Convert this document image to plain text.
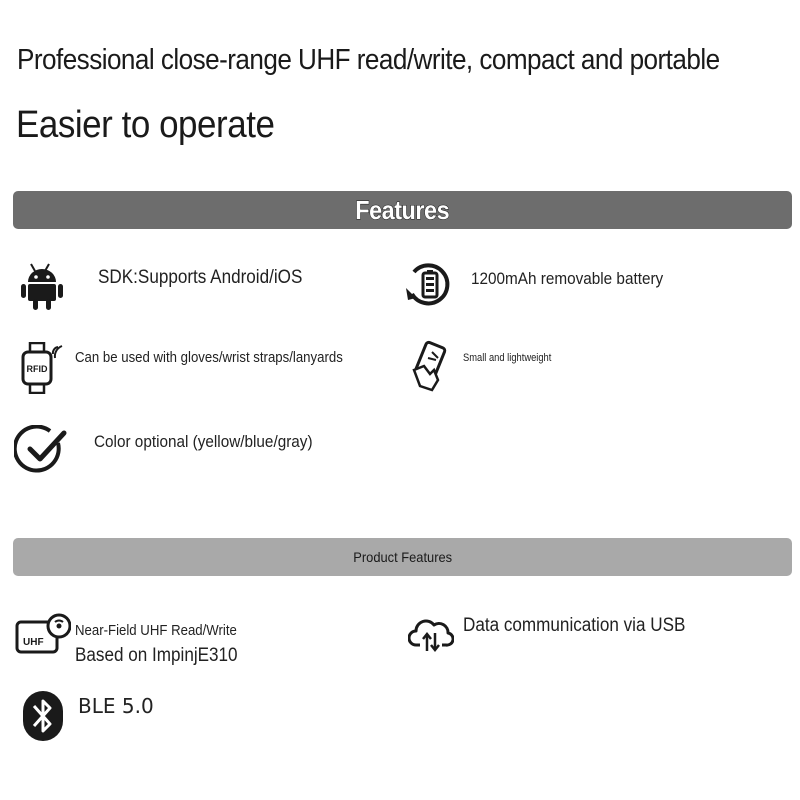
Professional close-range UHF read/write, compact and portable
Easier to operate
Features
SDK:Supports Android/iOS	1200mAh removable battery
RFID
Can be used with gloves/wrist straps/lanyards	Small and lightweight
Color optional (yellow/blue/gray)
Product Features
UHF
Near-Field UHF Read/Write
Based on ImpinjE310
Data communication via USB
BLE 5.0
